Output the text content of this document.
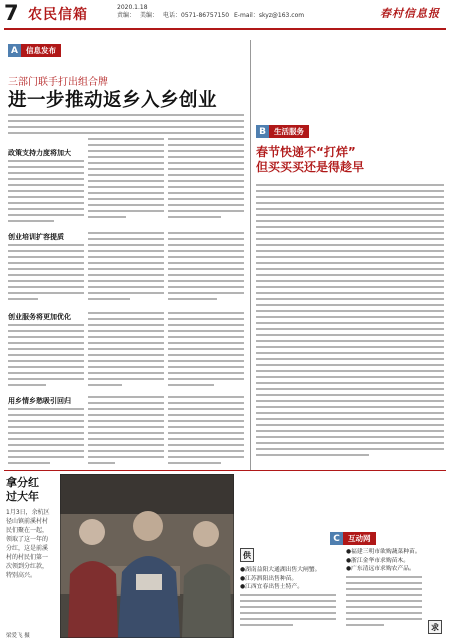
7 农民信箱	2020.1.18
责编： 美编： 电话：0571-86757150 E-mail：skyz@163.com	春村信息报
A	信息发布
三部门联手打出组合牌
进一步推动返乡入乡创业
政策支持力度将加大
创业培训扩容提质
创业服务将更加优化
用乡情乡愁吸引回归
B	生活服务
春节快递不“打烊”
但买买买还是得趁早
拿分红
过大年
1月3日，余杭区径山镇前溪村村民们聚在一起，领取了这一年的分红，这是前溪村的村民们第一次领到分红款，特别高兴。
梁爱飞 摄
C	互动网
供
●湖南益阳大通湖出售大闸蟹。
●江苏泗阳出售种苗。
●江西宜春出售土特产。
●福建三明市欲购蔬菜种苗。
●浙江金华市求购苗木。
●广东清远市求购农产品。
求
